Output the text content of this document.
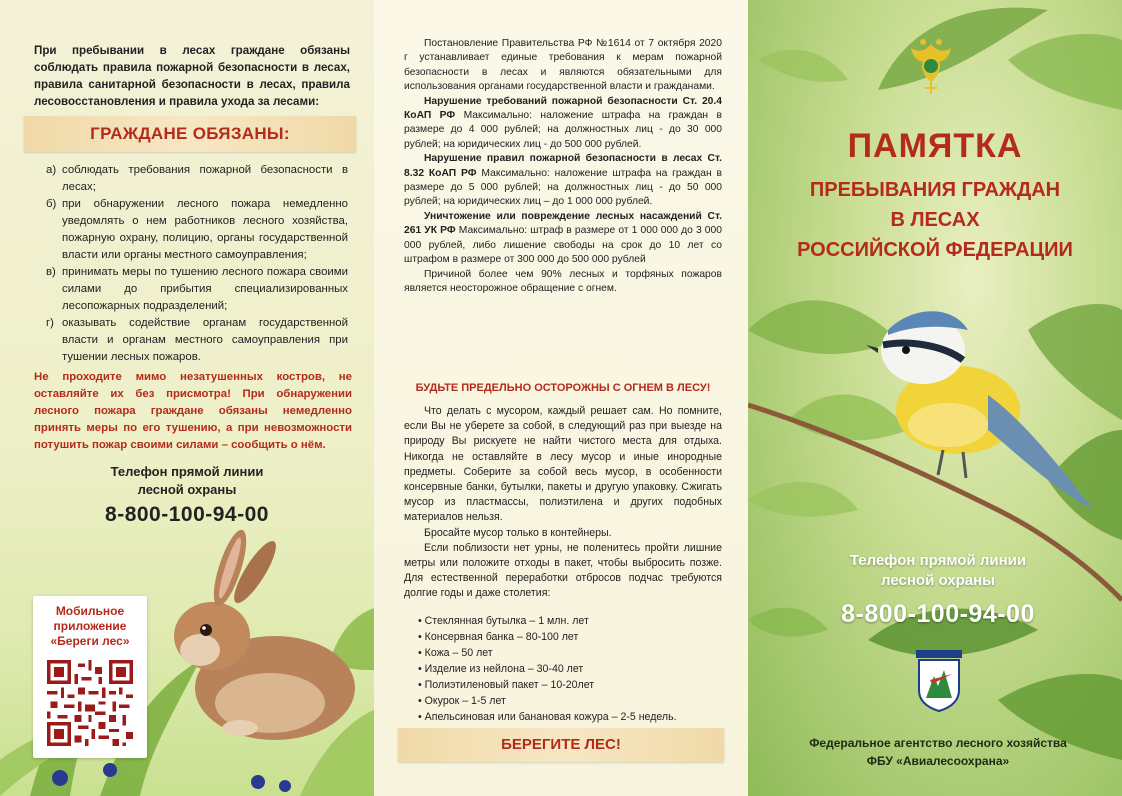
При пребывании в лесах граждане обязаны соблюдать правила пожарной безопасности в лесах, правила санитарной безопасности в лесах, правила лесовосстановления и правила ухода за лесами:
ГРАЖДАНЕ ОБЯЗАНЫ:
а) соблюдать требования пожарной безопасности в лесах;
б) при обнаружении лесного пожара немедленно уведомлять о нем работников лесного хозяйства, пожарную охрану, полицию, органы государственной власти или органы местного самоуправления;
в) принимать меры по тушению лесного пожара своими силами до прибытия специализированных лесопожарных подразделений;
г) оказывать содействие органам государственной власти и органам местного самоуправления при тушении лесных пожаров.
Не проходите мимо незатушенных костров, не оставляйте их без присмотра! При обнаружении лесного пожара граждане обязаны немедленно принять меры по его тушению, а при невозможности потушить пожар своими силами – сообщить о нём.
Телефон прямой линии
лесной охраны
8-800-100-94-00
Мобильное
приложение
«Береги лес»

Постановление Правительства РФ №1614 от 7 октября 2020 г устанавливает единые требования к мерам пожарной безопасности в лесах и являются обязательными для использования органами государственной власти и гражданами.

Нарушение требований пожарной безопасности Ст. 20.4 КоАП РФ Максимально: наложение штрафа на граждан в размере до 4 000 рублей; на должностных лиц - до 30 000 рублей; на юридических лиц - до 500 000 рублей.

Нарушение правил пожарной безопасности в лесах Ст. 8.32 КоАП РФ Максимально: наложение штрафа на граждан в размере до 5 000 рублей; на должностных лиц - до 50 000 рублей; на юридических лиц – до 1 000 000 рублей.

Уничтожение или повреждение лесных насаждений Ст. 261 УК РФ Максимально: штраф в размере от 1 000 000 до 3 000 000 рублей, либо лишение свободы на срок до 10 лет со штрафом в размере от 300 000 до 500 000 рублей

Причиной более чем 90% лесных и торфяных пожаров является неосторожное обращение с огнем.

БУДЬТЕ ПРЕДЕЛЬНО ОСТОРОЖНЫ С ОГНЕМ В ЛЕСУ!

Что делать с мусором, каждый решает сам. Но помните, если Вы не уберете за собой, в следующий раз при выезде на природу Вы рискуете не найти чистого места для отдыха. Никогда не оставляйте в лесу мусор и иные инородные предметы. Соберите за собой весь мусор, в особенности консервные банки, бутылки, пакеты и другую упаковку. Сжигать мусор из пластмассы, полиэтилена и других подобных материалов нельзя.

Бросайте мусор только в контейнеры.

Если поблизости нет урны, не поленитесь пройти лишние метры или положите отходы в пакет, чтобы выбросить позже. Для естественной переработки отбросов подчас требуются долгие годы и даже столетия:

• Стеклянная бутылка – 1 млн. лет
• Консервная банка – 80-100 лет
• Кожа – 50 лет
• Изделие из нейлона – 30-40 лет
• Полиэтиленовый пакет – 10-20лет
• Окурок – 1-5 лет
• Апельсиновая или банановая кожура – 2-5 недель.
БЕРЕГИТЕ ЛЕС!
ПАМЯТКА
ПРЕБЫВАНИЯ ГРАЖДАН
В ЛЕСАХ
РОССИЙСКОЙ ФЕДЕРАЦИИ
Телефон прямой линии
лесной охраны
8-800-100-94-00
Федеральное агентство лесного хозяйства
ФБУ «Авиалесоохрана»
